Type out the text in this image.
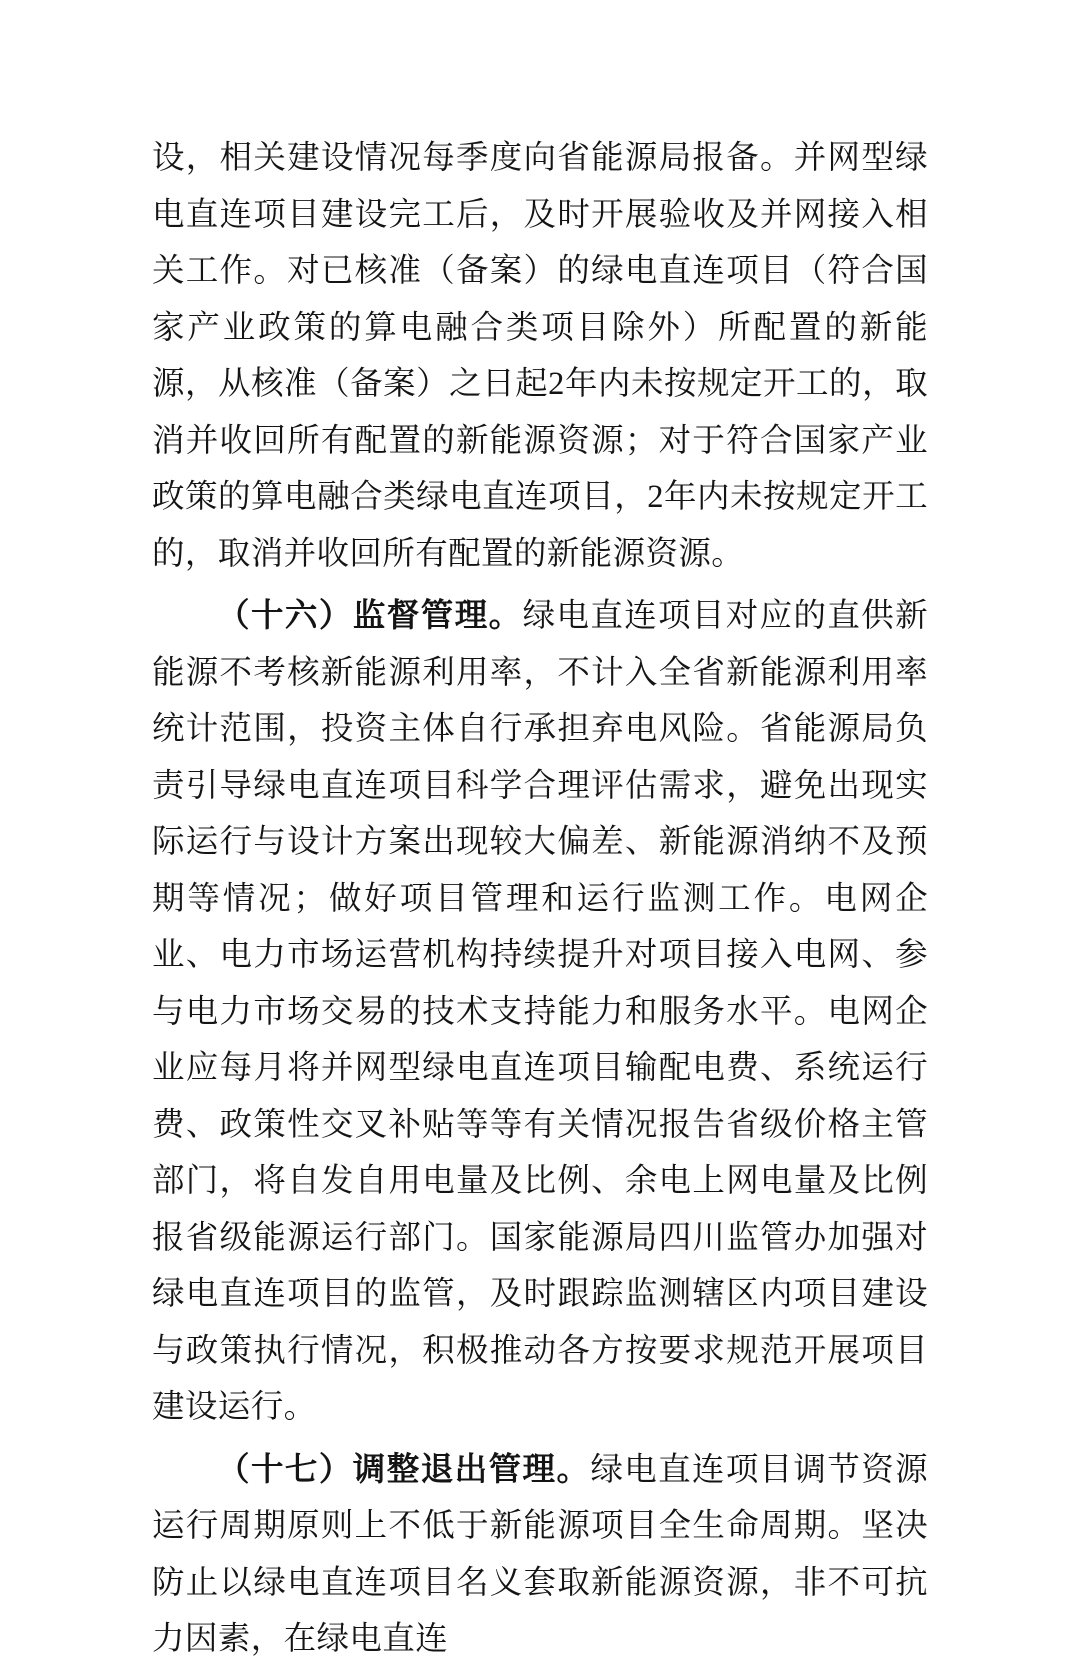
设，相关建设情况每季度向省能源局报备。并网型绿电直连项目建设完工后，及时开展验收及并网接入相关工作。对已核准（备案）的绿电直连项目（符合国家产业政策的算电融合类项目除外）所配置的新能源，从核准（备案）之日起2年内未按规定开工的，取消并收回所有配置的新能源资源；对于符合国家产业政策的算电融合类绿电直连项目，2年内未按规定开工的，取消并收回所有配置的新能源资源。

（十六）监督管理。绿电直连项目对应的直供新能源不考核新能源利用率，不计入全省新能源利用率统计范围，投资主体自行承担弃电风险。省能源局负责引导绿电直连项目科学合理评估需求，避免出现实际运行与设计方案出现较大偏差、新能源消纳不及预期等情况；做好项目管理和运行监测工作。电网企业、电力市场运营机构持续提升对项目接入电网、参与电力市场交易的技术支持能力和服务水平。电网企业应每月将并网型绿电直连项目输配电费、系统运行费、政策性交叉补贴等等有关情况报告省级价格主管部门，将自发自用电量及比例、余电上网电量及比例报省级能源运行部门。国家能源局四川监管办加强对绿电直连项目的监管，及时跟踪监测辖区内项目建设与政策执行情况，积极推动各方按要求规范开展项目建设运行。

（十七）调整退出管理。绿电直连项目调节资源运行周期原则上不低于新能源项目全生命周期。坚决防止以绿电直连项目名义套取新能源资源，非不可抗力因素，在绿电直连
